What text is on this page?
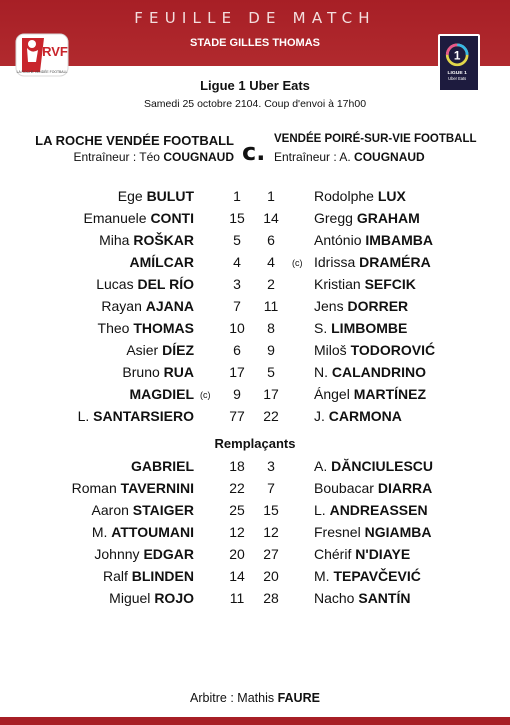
FEUILLE DE MATCH
STADE GILLES THOMAS
RVF
LA ROCHE VENDÉE FOOTBALL
1
LIGUE 1
Uber Eats
Ligue 1 Uber Eats
Samedi 25 octobre 2104. Coup d'envoi à 17h00
LA ROCHE VENDÉE FOOTBALL
Entraîneur : Téo COUGNAUD c. VENDÉE POIRÉ-SUR-VIE FOOTBALL
Entraîneur : A. COUGNAUD
Ege BULUT	1	1	Rodolphe LUX
Emanuele CONTI	15	14	Gregg GRAHAM
Miha ROŠKAR	5	6	António IMBAMBA
AMÍLCAR	4	4	(c) Idrissa DRAMÉRA
Lucas DEL RÍO	3	2	Kristian SEFCIK
Rayan AJANA	7	11	Jens DORRER
Theo THOMAS	10	8	S. LIMBOMBE
Asier DÍEZ	6	9	Miloš TODOROVIĆ
Bruno RUA	17	5	N. CALANDRINO
MAGDIEL (c)	9	17	Ángel MARTÍNEZ
L. SANTARSIERO	77	22	J. CARMONA
Remplaçants
GABRIEL	18	3	A. DĂNCIULESCU
Roman TAVERNINI	22	7	Boubacar DIARRA
Aaron STAIGER	25	15	L. ANDREASSEN
M. ATTOUMANI	12	12	Fresnel NGIAMBA
Johnny EDGAR	20	27	Chérif N'DIAYE
Ralf BLINDEN	14	20	M. TEPAVČEVIĆ
Miguel ROJO	11	28	Nacho SANTÍN
Arbitre : Mathis FAURE
